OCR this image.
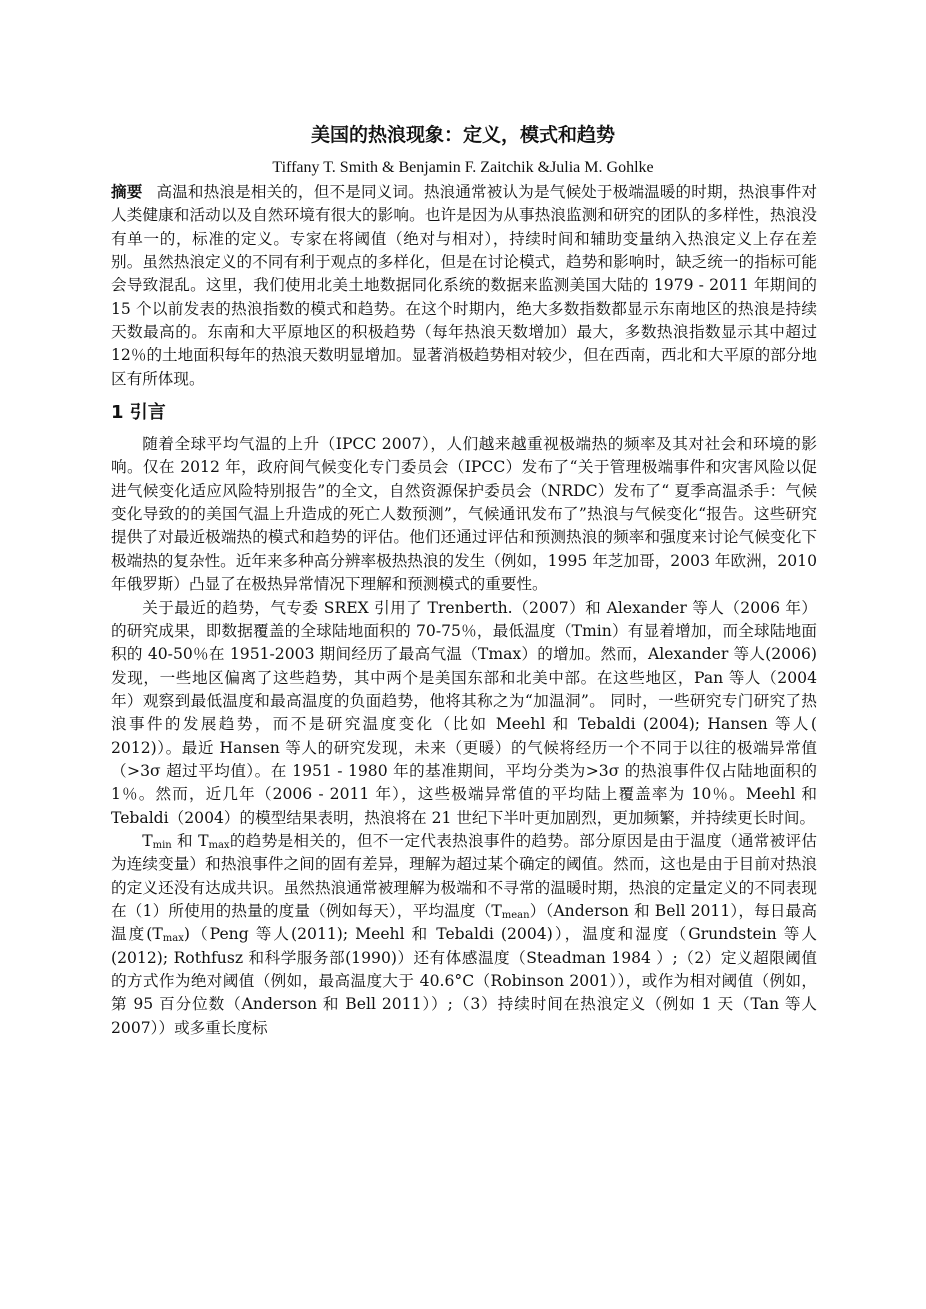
美国的热浪现象：定义，模式和趋势
Tiffany T. Smith & Benjamin F. Zaitchik &Julia M. Gohlke

摘要 高温和热浪是相关的，但不是同义词。热浪通常被认为是气候处于极端温暖的时期，热浪事件对人类健康和活动以及自然环境有很大的影响。也许是因为从事热浪监测和研究的团队的多样性，热浪没有单一的，标准的定义。专家在将阈值（绝对与相对），持续时间和辅助变量纳入热浪定义上存在差别。虽然热浪定义的不同有利于观点的多样化，但是在讨论模式，趋势和影响时，缺乏统一的指标可能会导致混乱。这里，我们使用北美土地数据同化系统的数据来监测美国大陆的 1979 - 2011 年期间的 15 个以前发表的热浪指数的模式和趋势。在这个时期内，绝大多数指数都显示东南地区的热浪是持续天数最高的。东南和大平原地区的积极趋势（每年热浪天数增加）最大，多数热浪指数显示其中超过 12％的土地面积每年的热浪天数明显增加。显著消极趋势相对较少，但在西南，西北和大平原的部分地区有所体现。

1 引言

随着全球平均气温的上升（IPCC 2007），人们越来越重视极端热的频率及其对社会和环境的影响。仅在 2012 年，政府间气候变化专门委员会（IPCC）发布了“关于管理极端事件和灾害风险以促进气候变化适应风险特别报告”的全文，自然资源保护委员会（NRDC）发布了“ 夏季高温杀手：气候变化导致的的美国气温上升造成的死亡人数预测”，气候通讯发布了”热浪与气候变化“报告。这些研究提供了对最近极端热的模式和趋势的评估。他们还通过评估和预测热浪的频率和强度来讨论气候变化下极端热的复杂性。近年来多种高分辨率极热热浪的发生（例如，1995 年芝加哥，2003 年欧洲，2010 年俄罗斯）凸显了在极热异常情况下理解和预测模式的重要性。

关于最近的趋势，气专委 SREX 引用了 Trenberth.（2007）和 Alexander 等人（2006 年）的研究成果，即数据覆盖的全球陆地面积的 70-75％，最低温度（Tmin）有显着增加，而全球陆地面积的 40-50％在 1951-2003 期间经历了最高气温（Tmax）的增加。然而，Alexander 等人(2006)发现，一些地区偏离了这些趋势，其中两个是美国东部和北美中部。在这些地区，Pan 等人（2004 年）观察到最低温度和最高温度的负面趋势，他将其称之为“加温洞”。 同时，一些研究专门研究了热浪事件的发展趋势，而不是研究温度变化（比如 Meehl 和 Tebaldi (2004); Hansen 等人( 2012)）。最近 Hansen 等人的研究发现，未来（更暖）的气候将经历一个不同于以往的极端异常值（>3σ 超过平均值）。在 1951 - 1980 年的基准期间，平均分类为>3σ 的热浪事件仅占陆地面积的 1％。然而，近几年（2006 - 2011 年），这些极端异常值的平均陆上覆盖率为 10％。Meehl 和 Tebaldi（2004）的模型结果表明，热浪将在 21 世纪下半叶更加剧烈，更加频繁，并持续更长时间。

$T_{min}$ 和 $T_{max}$的趋势是相关的，但不一定代表热浪事件的趋势。部分原因是由于温度（通常被评估为连续变量）和热浪事件之间的固有差异，理解为超过某个确定的阈值。然而，这也是由于目前对热浪的定义还没有达成共识。虽然热浪通常被理解为极端和不寻常的温暖时期，热浪的定量定义的不同表现在（1）所使用的热量的度量（例如每天），平均温度$(T_{mean})(Anderson$ 和 Bell 2011），每日最高温度$(T_{max})(Peng$ 等人(2011); Meehl 和 Tebaldi (2004)），温度和湿度（Grundstein 等人(2012); Rothfusz 和科学服务部(1990)）还有体感温度（Steadman 1984 ）;（2）定义超限阈值的方式作为绝对阈值（例如，最高温度大于 40.6°C（Robinson 2001）），或作为相对阈值（例如，第 95 百分位数（Anderson 和 Bell 2011））;（3）持续时间在热浪定义（例如 1 天（Tan 等人 2007））或多重长度标
